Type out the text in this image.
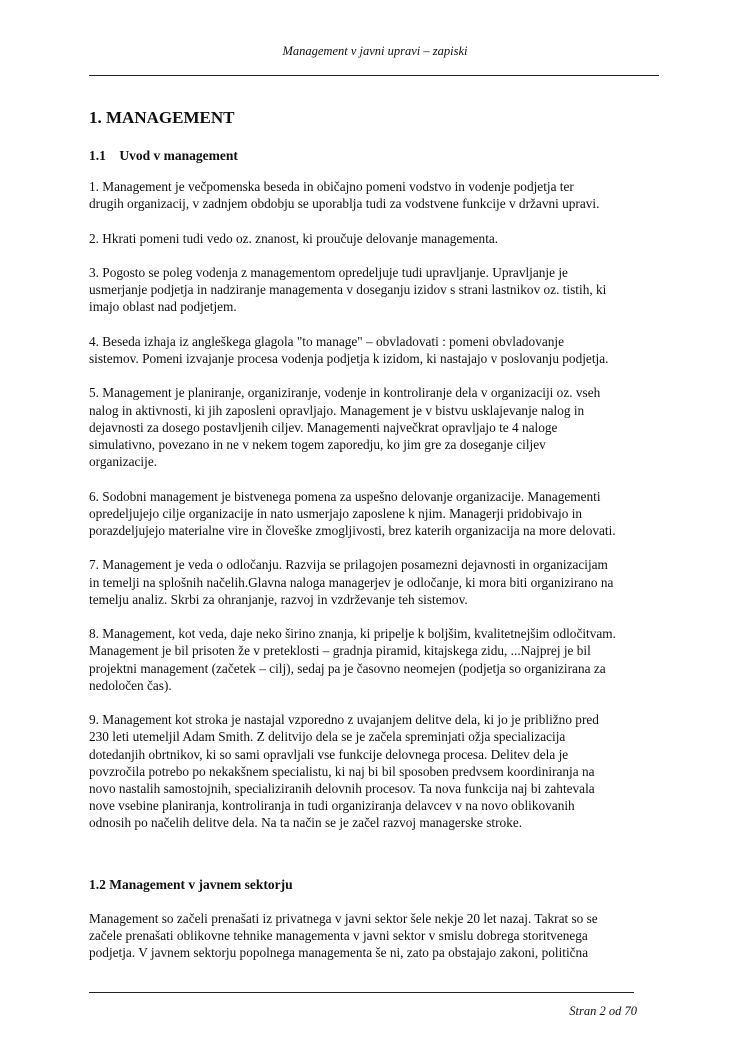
Management v javni upravi – zapiski
1. MANAGEMENT
1.1    Uvod v management
1. Management je večpomenska beseda in običajno pomeni vodstvo in vodenje podjetja ter
drugih organizacij, v zadnjem obdobju se uporablja tudi za vodstvene funkcije v državni upravi.
2. Hkrati pomeni tudi vedo oz. znanost, ki proučuje delovanje managementa.
3. Pogosto se poleg vodenja z managementom opredeljuje tudi upravljanje. Upravljanje je
usmerjanje podjetja in nadziranje managementa v doseganju izidov s strani lastnikov oz. tistih, ki
imajo oblast nad podjetjem.
4. Beseda izhaja iz angleškega glagola "to manage" – obvladovati : pomeni obvladovanje
sistemov. Pomeni izvajanje procesa vodenja podjetja k izidom, ki nastajajo v poslovanju podjetja.
5. Management je planiranje, organiziranje, vodenje in kontroliranje dela v organizaciji oz. vseh
nalog in aktivnosti, ki jih zaposleni opravljajo. Management je v bistvu usklajevanje nalog in
dejavnosti za dosego postavljenih ciljev. Managementi največkrat opravljajo te 4 naloge
simulativno, povezano in ne v nekem togem zaporedju, ko jim gre za doseganje ciljev
organizacije.
6. Sodobni management je bistvenega pomena za uspešno delovanje organizacije. Managementi
opredeljujejo cilje organizacije in nato usmerjajo zaposlene k njim. Managerji pridobivajo in
porazdeljujejo materialne vire in človeške zmogljivosti, brez katerih organizacija na more delovati.
7. Management je veda o odločanju. Razvija se prilagojen posamezni dejavnosti in organizacijam
in temelji na splošnih načelih.Glavna naloga managerjev je odločanje, ki mora biti organizirano na
temelju analiz. Skrbi za ohranjanje, razvoj in vzdrževanje teh sistemov.
8. Management, kot veda, daje neko širino znanja, ki pripelje k boljšim, kvalitetnejšim odločitvam.
Management je bil prisoten že v preteklosti – gradnja piramid, kitajskega zidu, ...Najprej je bil
projektni management (začetek – cilj), sedaj pa je časovno neomejen (podjetja so organizirana za
nedoločen čas).
9. Management kot stroka je nastajal vzporedno z uvajanjem delitve dela, ki jo je približno pred
230 leti utemeljil Adam Smith. Z delitvijo dela se je začela spreminjati ožja specializacija
dotedanjih obrtnikov, ki so sami opravljali vse funkcije delovnega procesa. Delitev dela je
povzročila potrebo po nekakšnem specialistu, ki naj bi bil sposoben predvsem koordiniranja na
novo nastalih samostojnih, specializiranih delovnih procesov. Ta nova funkcija naj bi zahtevala
nove vsebine planiranja, kontroliranja in tudi organiziranja delavcev v na novo oblikovanih
odnosih po načelih delitve dela. Na ta način se je začel razvoj managerske stroke.
1.2 Management v javnem sektorju
Management so začeli prenašati iz privatnega v javni sektor šele nekje 20 let nazaj. Takrat so se
začele prenašati oblikovne tehnike managementa v javni sektor v smislu dobrega storitvenega
podjetja. V javnem sektorju popolnega managementa še ni, zato pa obstajajo zakoni, politična
Stran 2 od 70
